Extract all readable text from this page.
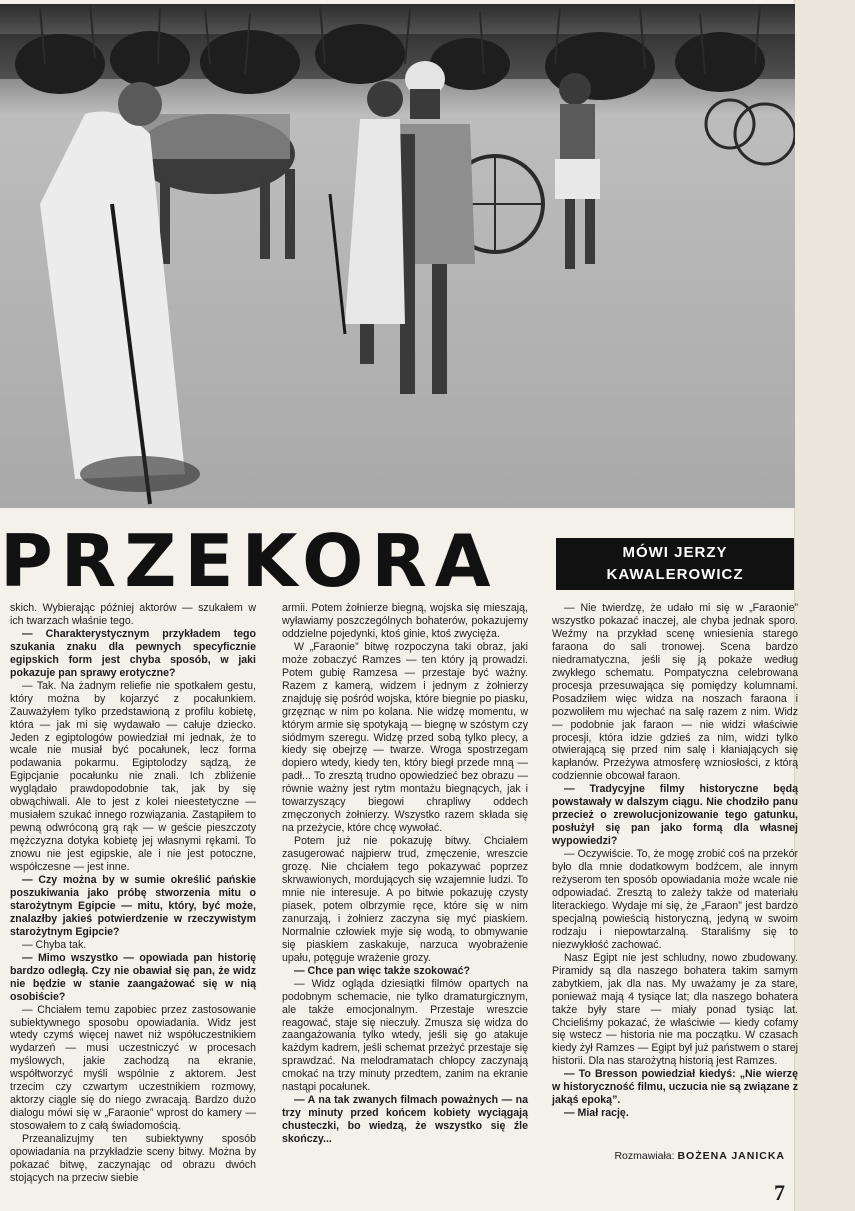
PRZEKORA	MÓWI JERZY
KAWALEROWICZ

skich. Wybierając później aktorów — szukałem w ich twarzach właśnie tego.

— Charakterystycznym przykładem tego szukania znaku dla pewnych specyficznie egipskich form jest chyba sposób, w jaki pokazuje pan sprawy erotyczne?

— Tak. Na żadnym reliefie nie spotkałem gestu, który można by kojarzyć z pocałunkiem. Zauważyłem tylko przedstawioną z profilu kobietę, która — jak mi się wydawało — całuje dziecko. Jeden z egiptologów powiedział mi jednak, że to wcale nie musiał być pocałunek, lecz forma podawania pokarmu. Egiptolodzy sądzą, że Egipcjanie pocałunku nie znali. Ich zbliżenie wyglądało prawdopodobnie tak, jak by się obwąchiwali. Ale to jest z kolei nieestetyczne — musiałem szukać innego rozwiązania. Zastąpiłem to pewną odwróconą grą rąk — w geście pieszczoty mężczyzna dotyka kobietę jej własnymi rękami. To znowu nie jest egipskie, ale i nie jest potoczne, współczesne — jest inne.

— Czy można by w sumie określić pańskie poszukiwania jako próbę stworzenia mitu o starożytnym Egipcie — mitu, który, być może, znalazłby jakieś potwierdzenie w rzeczywistym starożytnym Egipcie?

— Chyba tak.

— Mimo wszystko — opowiada pan historię bardzo odległą. Czy nie obawiał się pan, że widz nie będzie w stanie zaangażować się w nią osobiście?

— Chciałem temu zapobiec przez zastosowanie subiektywnego sposobu opowiadania. Widz jest wtedy czymś więcej nawet niż współuczestnikiem wydarzeń — musi uczestniczyć w procesach myślowych, jakie zachodzą na ekranie, współtworzyć myśli wspólnie z aktorem. Jest trzecim czy czwartym uczestnikiem rozmowy, aktorzy ciągle się do niego zwracają. Bardzo dużo dialogu mówi się w „Faraonie” wprost do kamery — stosowałem to z całą świadomością.

Przeanalizujmy ten subiektywny sposób opowiadania na przykładzie sceny bitwy. Można by pokazać bitwę, zaczynając od obrazu dwóch stojących na przeciw siebie

armii. Potem żołnierze biegną, wojska się mieszają, wyławiamy poszczególnych bohaterów, pokazujemy oddzielne pojedynki, ktoś ginie, ktoś zwycięża.

W „Faraonie” bitwę rozpoczyna taki obraz, jaki może zobaczyć Ramzes — ten który ją prowadzi. Potem gubię Ramzesa — przestaje być ważny. Razem z kamerą, widzem i jednym z żołnierzy znajduję się pośród wojska, które biegnie po piasku, grzęznąc w nim po kolana. Nie widzę momentu, w którym armie się spotykają — biegnę w szóstym czy siódmym szeregu. Widzę przed sobą tylko plecy, a kiedy się obejrzę — twarze. Wroga spostrzegam dopiero wtedy, kiedy ten, który biegł przede mną — padł... To zresztą trudno opowiedzieć bez obrazu — równie ważny jest rytm montażu biegnących, jak i towarzyszący biegowi chrapliwy oddech zmęczonych żołnierzy. Wszystko razem składa się na przeżycie, które chcę wywołać.

Potem już nie pokazuję bitwy. Chciałem zasugerować najpierw trud, zmęczenie, wreszcie grozę. Nie chciałem tego pokazywać poprzez skrwawionych, mordujących się wzajemnie ludzi. To mnie nie interesuje. A po bitwie pokazuję czysty piasek, potem olbrzymie ręce, które się w nim zanurzają, i żołnierz zaczyna się myć piaskiem. Normalnie człowiek myje się wodą, to obmywanie się piaskiem zaskakuje, narzuca wyobrażenie upału, potęguje wrażenie grozy.

— Chce pan więc także szokować?

— Widz ogląda dziesiątki filmów opartych na podobnym schemacie, nie tylko dramaturgicznym, ale także emocjonalnym. Przestaje wreszcie reagować, staje się nieczuły. Zmusza się widza do zaangażowania tylko wtedy, jeśli się go atakuje każdym kadrem, jeśli schemat przeżyć przestaje się sprawdzać. Na melodramatach chłopcy zaczynają cmokać na trzy minuty przedtem, zanim na ekranie nastąpi pocałunek.

— A na tak zwanych filmach poważnych — na trzy minuty przed końcem kobiety wyciągają chusteczki, bo wiedzą, że wszystko się źle skończy...

— Nie twierdzę, że udało mi się w „Faraonie” wszystko pokazać inaczej, ale chyba jednak sporo. Weźmy na przykład scenę wniesienia starego faraona do sali tronowej. Scena bardzo niedramatyczna, jeśli się ją pokaże według zwykłego schematu. Pompatyczna celebrowana procesja przesuwająca się pomiędzy kolumnami. Posadziłem więc widza na noszach faraona i pozwoliłem mu wjechać na salę razem z nim. Widz — podobnie jak faraon — nie widzi właściwie procesji, która idzie gdzieś za nim, widzi tylko otwierającą się przed nim salę i kłaniających się kapłanów. Przeżywa atmosferę wzniosłości, z którą codziennie obcował faraon.

— Tradycyjne filmy historyczne będą powstawały w dalszym ciągu. Nie chodziło panu przecież o zrewolucjonizowanie tego gatunku, posłużył się pan jako formą dla własnej wypowiedzi?

— Oczywiście. To, że mogę zrobić coś na przekór było dla mnie dodatkowym bodźcem, ale innym reżyserom ten sposób opowiadania może wcale nie odpowiadać. Zresztą to zależy także od materiału literackiego. Wydaje mi się, że „Faraon” jest bardzo specjalną powieścią historyczną, jedyną w swoim rodzaju i niepowtarzalną. Staraliśmy się to niezwykłość zachować.

Nasz Egipt nie jest schludny, nowo zbudowany. Piramidy są dla naszego bohatera takim samym zabytkiem, jak dla nas. My uważamy je za stare, ponieważ mają 4 tysiące lat; dla naszego bohatera także były stare — miały ponad tysiąc lat. Chcieliśmy pokazać, że właściwie — kiedy cofamy się wstecz — historia nie ma początku. W czasach kiedy żył Ramzes — Egipt był już państwem o starej historii. Dla nas starożytną historią jest Ramzes.

— To Bresson powiedział kiedyś: „Nie wierzę w historyczność filmu, uczucia nie są związane z jakąś epoką”.

— Miał rację.

Rozmawiała: BOŻENA JANICKA
7
